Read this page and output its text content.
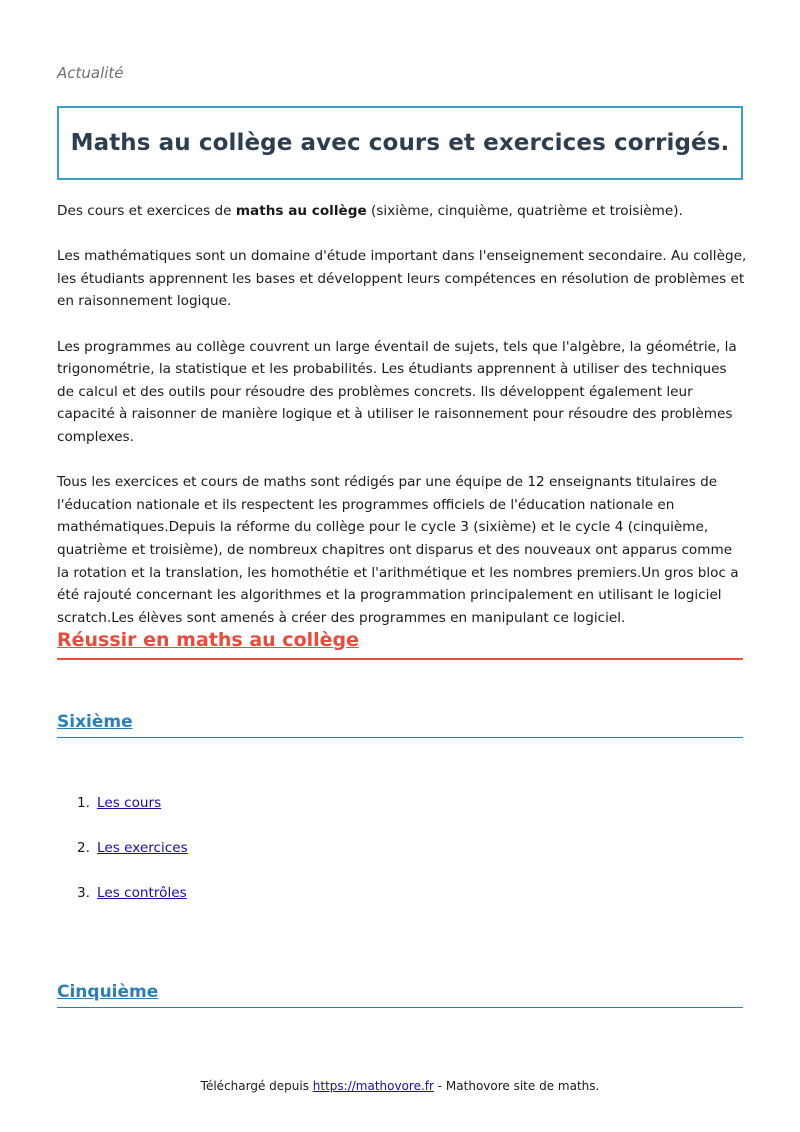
Actualité
Maths au collège avec cours et exercices corrigés.

Des cours et exercices de maths au collège (sixième, cinquième, quatrième et troisième).

Les mathématiques sont un domaine d'étude important dans l'enseignement secondaire. Au collège, les étudiants apprennent les bases et développent leurs compétences en résolution de problèmes et en raisonnement logique.

Les programmes au collège couvrent un large éventail de sujets, tels que l'algèbre, la géométrie, la trigonométrie, la statistique et les probabilités. Les étudiants apprennent à utiliser des techniques de calcul et des outils pour résoudre des problèmes concrets. Ils développent également leur capacité à raisonner de manière logique et à utiliser le raisonnement pour résoudre des problèmes complexes.

Tous les exercices et cours de maths sont rédigés par une équipe de 12 enseignants titulaires de l'éducation nationale et ils respectent les programmes officiels de l'éducation nationale en mathématiques.Depuis la réforme du collège pour le cycle 3 (sixième) et le cycle 4 (cinquième, quatrième et troisième), de nombreux chapitres ont disparus et des nouveaux ont apparus comme la rotation et la translation, les homothétie et l'arithmétique et les nombres premiers.Un gros bloc a été rajouté concernant les algorithmes et la programmation principalement en utilisant le logiciel scratch.Les élèves sont amenés à créer des programmes en manipulant ce logiciel.

Réussir en maths au collège
Sixième
1. Les cours
2. Les exercices
3. Les contrôles
Cinquième
Téléchargé depuis https://mathovore.fr - Mathovore site de maths.
